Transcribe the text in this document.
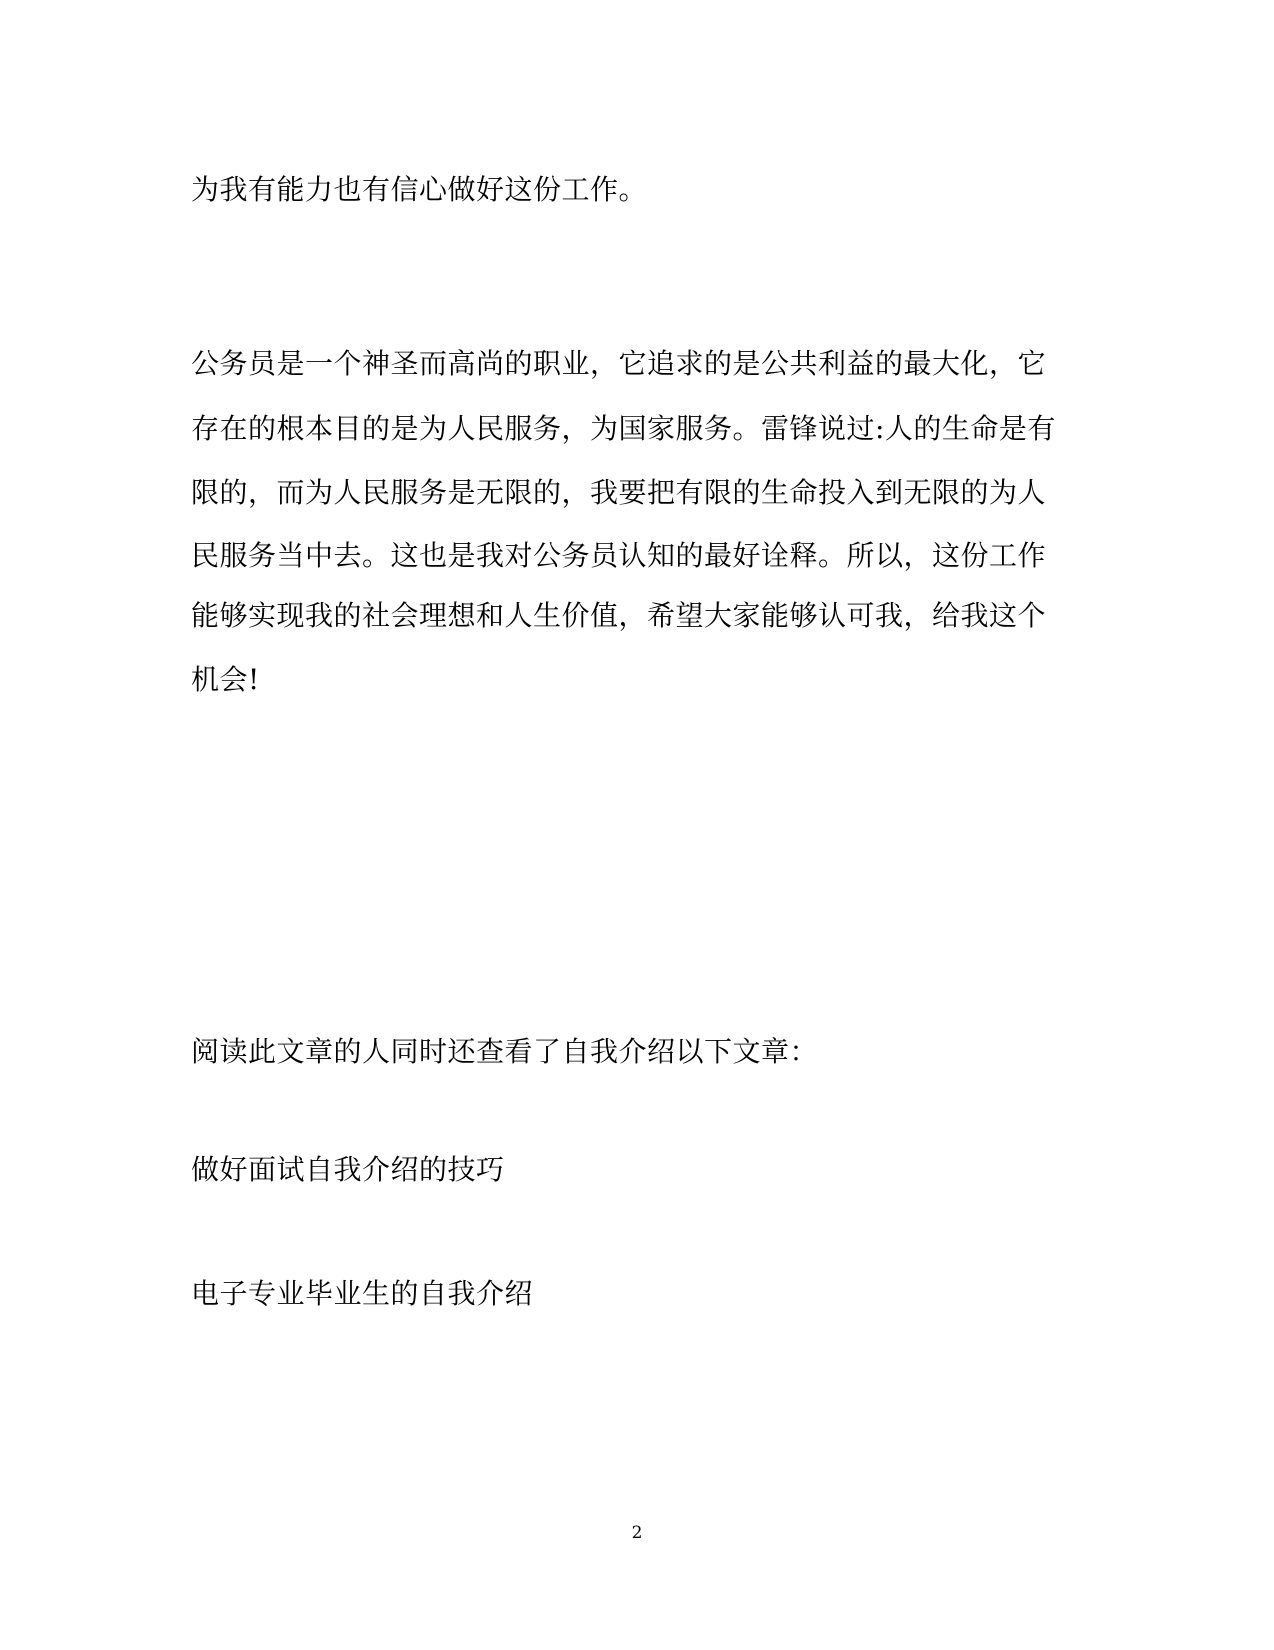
为我有能力也有信心做好这份工作。
公务员是一个神圣而高尚的职业，它追求的是公共利益的最大化，它
存在的根本目的是为人民服务，为国家服务。雷锋说过:人的生命是有
限的，而为人民服务是无限的，我要把有限的生命投入到无限的为人
民服务当中去。这也是我对公务员认知的最好诠释。所以，这份工作
能够实现我的社会理想和人生价值，希望大家能够认可我，给我这个
机会!
阅读此文章的人同时还查看了自我介绍以下文章：
做好面试自我介绍的技巧
电子专业毕业生的自我介绍
2
